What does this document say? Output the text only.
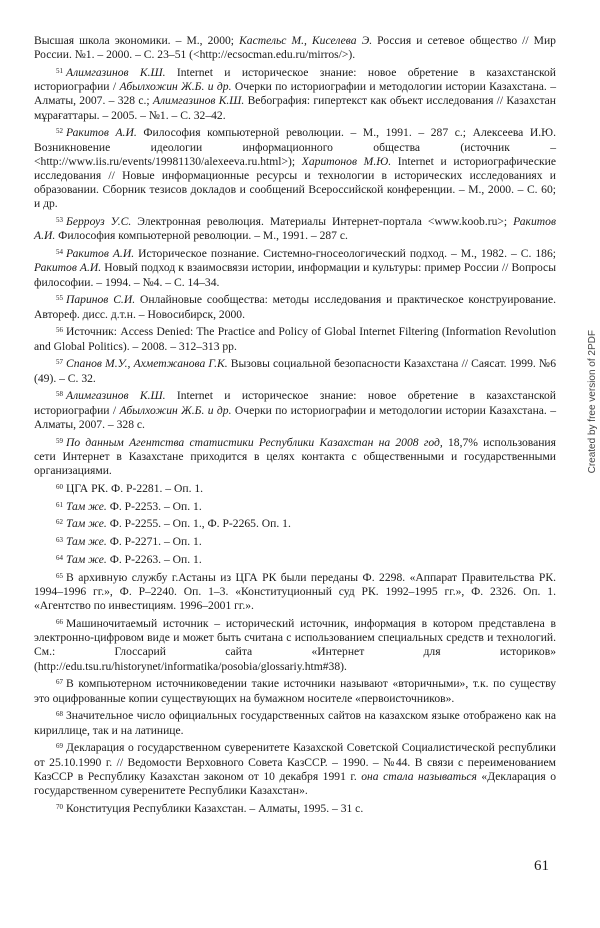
Высшая школа экономики. – М., 2000; Кастельс М., Киселева Э. Россия и сетевое общество // Мир России. №1. – 2000. – С. 23–51 (<http://ecsocman.edu.ru/mirros/>).

$^{51}$ Алимгазинов К.Ш. Internet и историческое знание: новое обретение в казахстанской историографии / Абылхожин Ж.Б. и др. Очерки по историографии и методологии истории Казахстана. – Алматы, 2007. – 328 с.; Алимгазинов К.Ш. Вебография: гипертекст как объект исследования // Казахстан мұрағаттары. – 2005. – №1. – С. 32–42.

$^{52}$ Ракитов А.И. Философия компьютерной революции. – М., 1991. – 287 с.; Алексеева И.Ю. Возникновение идеологии информационного общества (источник – <http://www.iis.ru/events/19981130/alexeeva.ru.html>); Харитонов М.Ю. Internet и историографические исследования // Новые информационные ресурсы и технологии в исторических исследованиях и образовании. Сборник тезисов докладов и сообщений Всероссийской конференции. – М., 2000. – С. 60; и др.

$^{53}$ Берроуз У.С. Электронная революция. Материалы Интернет-портала <www.koob.ru>; Ракитов А.И. Философия компьютерной революции. – М., 1991. – 287 с.

$^{54}$ Ракитов А.И. Историческое познание. Системно-гносеологический подход. – М., 1982. – С. 186; Ракитов А.И. Новый подход к взаимосвязи истории, информации и культуры: пример России // Вопросы философии. – 1994. – №4. – С. 14–34.

$^{55}$ Паринов С.И. Онлайновые сообщества: методы исследования и практическое конструирование. Автореф. дисс. д.т.н. – Новосибирск, 2000.

$^{56}$ Источник: Access Denied: The Practice and Policy of Global Internet Filtering (Information Revolution and Global Politics). – 2008. – 312–313 pp.

$^{57}$ Спанов М.У., Ахметжанова Г.К. Вызовы социальной безопасности Казахстана // Саясат. 1999. №6 (49). – С. 32.

$^{58}$ Алимгазинов К.Ш. Internet и историческое знание: новое обретение в казахстанской историографии / Абылхожин Ж.Б. и др. Очерки по историографии и методологии истории Казахстана. – Алматы, 2007. – 328 с.

$^{59}$ По данным Агентства статистики Республики Казахстан на 2008 год, 18,7% использования сети Интернет в Казахстане приходится в целях контакта с общественными и государственными организациями.

$^{60}$ ЦГА РК. Ф. Р-2281. – Оп. 1.

$^{61}$ Там же. Ф. Р-2253. – Оп. 1.

$^{62}$ Там же. Ф. Р-2255. – Оп. 1., Ф. Р-2265. Оп. 1.

$^{63}$ Там же. Ф. Р-2271. – Оп. 1.

$^{64}$ Там же. Ф. Р-2263. – Оп. 1.

$^{65}$ В архивную службу г.Астаны из ЦГА РК были переданы Ф. 2298. «Аппарат Правительства РК. 1994–1996 гг.», Ф. Р–2240. Оп. 1–3. «Конституционный суд РК. 1992–1995 гг.», Ф. 2326. Оп. 1. «Агентство по инвестициям. 1996–2001 гг.».

$^{66}$ Машиночитаемый источник – исторический источник, информация в котором представлена в электронно-цифровом виде и может быть считана с использованием специальных средств и технологий. См.: Глоссарий сайта «Интернет для историков» (http://edu.tsu.ru/historynet/informatika/posobia/glossariy.htm#38).

$^{67}$ В компьютерном источниковедении такие источники называют «вторичными», т.к. по существу это оцифрованные копии существующих на бумажном носителе «первоисточников».

$^{68}$ Значительное число официальных государственных сайтов на казахском языке отображено как на кириллице, так и на латинице.

$^{69}$ Декларация о государственном суверенитете Казахской Советской Социалистической республики от 25.10.1990 г. // Ведомости Верховного Совета КазССР. – 1990. – №44. В связи с переименованием КазССР в Республику Казахстан законом от 10 декабря 1991 г. она стала называться «Декларация о государственном суверенитете Республики Казахстан».

$^{70}$ Конституция Республики Казахстан. – Алматы, 1995. – 31 с.

61
Created by free version of 2PDF
